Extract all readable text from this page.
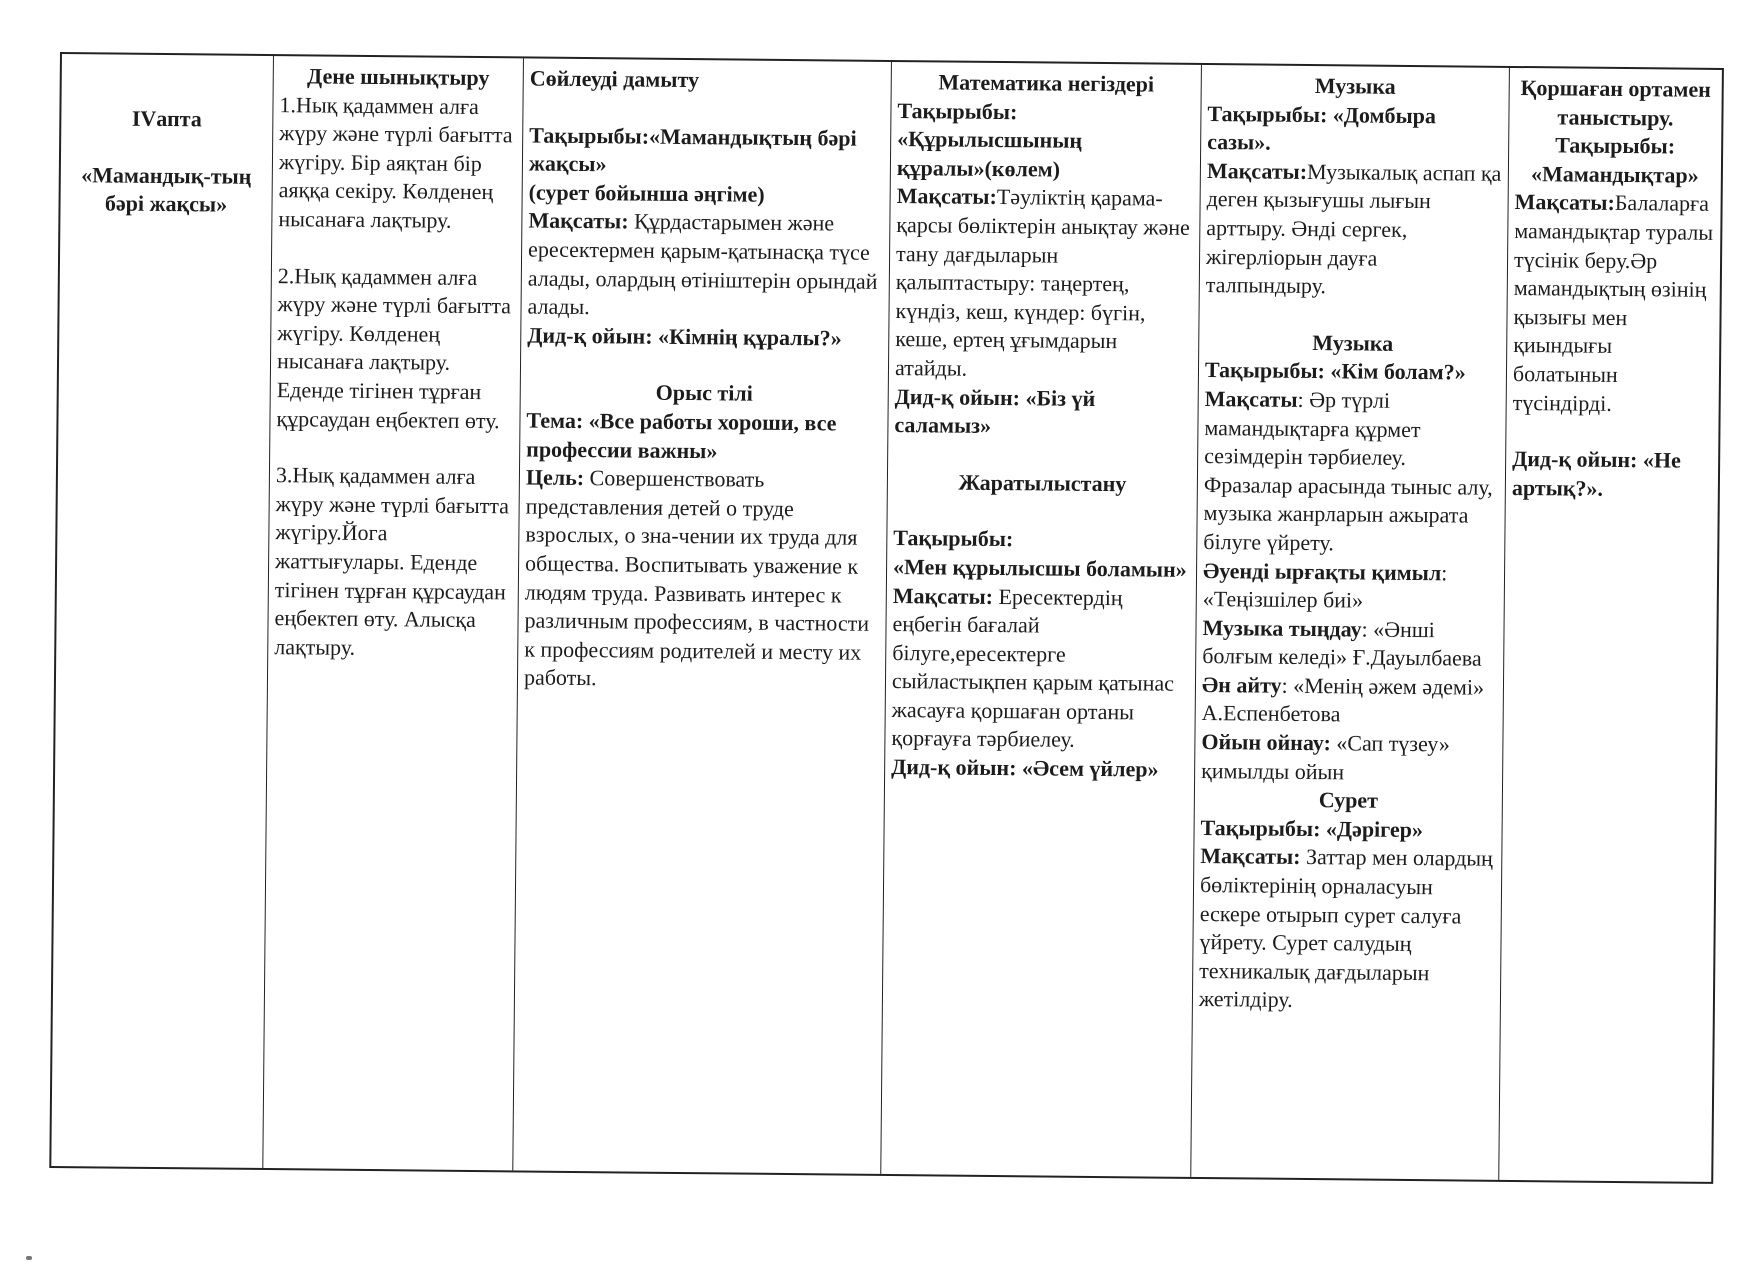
IVапта
«Мамандық-тың бәрі жақсы»
Дене шынықтыру
1.Нық қадаммен алға жүру және түрлі бағытта жүгіру. Бір аяқтан бір аяққа секіру. Көлденең нысанаға лақтыру.
2.Нық қадаммен алға жүру және түрлі бағытта жүгіру. Көлденең нысанаға лақтыру. Еденде тігінен тұрған құрсаудан еңбектеп өту.
3.Нық қадаммен алға жүру және түрлі бағытта жүгіру.Йога жаттығулары. Еденде тігінен тұрған құрсаудан еңбектеп өту. Алысқа лақтыру.
Сөйлеуді дамыту
Тақырыбы:«Мамандықтың бәрі жақсы»
(сурет бойынша әңгіме)
Мақсаты: Құрдастарымен және ересектермен қарым-қатынасқа түсе алады, олардың өтініштерін орындай алады.
Дид-қ ойын: «Кімнің құралы?»
Орыс тілі
Тема: «Все работы хороши, все профессии важны»
Цель: Совершенствовать представления детей о труде взрослых, о зна-чении их труда для общества. Воспитывать уважение к людям труда. Развивать интерес к различным профессиям, в частности к профессиям родителей и месту их работы.
Математика негіздері
Тақырыбы: «Құрылысшының құралы»(көлем)
Мақсаты:Тәуліктің қарама-қарсы бөліктерін анықтау және тану дағдыларын қалыптастыру: таңертең, күндіз, кеш, күндер: бүгін, кеше, ертең ұғымдарын атайды.
Дид-қ ойын: «Біз үй саламыз»
Жаратылыстану
Тақырыбы:
«Мен құрылысшы боламын»
Мақсаты: Ересектердің еңбегін бағалай білуге,ересектерге сыйластықпен қарым қатынас жасауға қоршаған ортаны қорғауға тәрбиелеу.
Дид-қ ойын: «Әсем үйлер»
Музыка
Тақырыбы: «Домбыра сазы».
Мақсаты:Музыкалық аспап қа деген қызығушы лығын арттыру. Әнді сергек, жігерліорын дауға талпындыру.
Музыка
Тақырыбы: «Кім болам?»
Мақсаты: Әр түрлі мамандықтарға құрмет сезімдерін тәрбиелеу. Фразалар арасында тыныс алу, музыка жанрларын ажырата білуге үйрету.
Әуенді ырғақты қимыл: «Теңізшілер биі»
Музыка тыңдау: «Әнші болғым келеді» Ғ.Дауылбаева
Ән айту: «Менің әжем әдемі» А.Еспенбетова
Ойын ойнау: «Сап түзеу» қимылды ойын
Сурет
Тақырыбы: «Дәрігер»
Мақсаты: Заттар мен олардың бөліктерінің орналасуын ескере отырып сурет салуға үйрету. Сурет салудың техникалық дағдыларын жетілдіру.
Қоршаған ортамен таныстыру.
Тақырыбы: «Мамандықтар»
Мақсаты:Балаларға мамандықтар туралы түсінік беру.Әр мамандықтың өзінің қызығы мен қиындығы болатынын түсіндірді.
Дид-қ ойын: «Не артық?».
